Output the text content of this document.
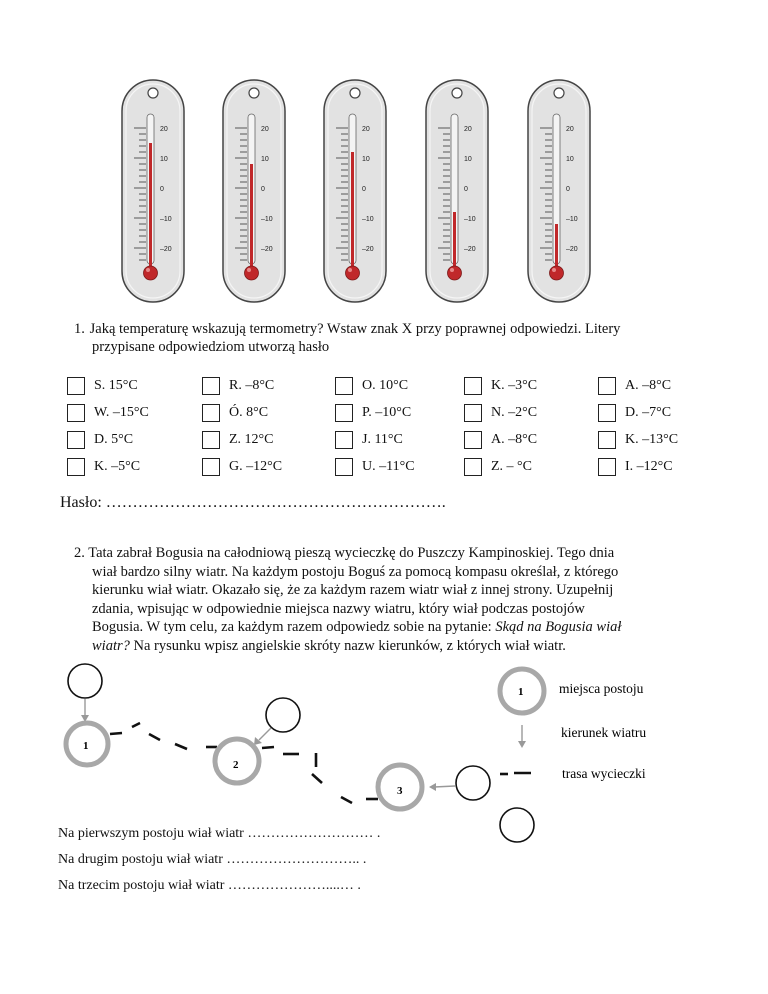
20
10
0
–10
–20
20
10
0
–10
–20
20
10
0
–10
–20
20
10
0
–10
–20
20
10
0
–10
–20
1. Jaką temperaturę wskazują termometry? Wstaw znak X przy poprawnej odpowiedzi. Litery
przypisane odpowiedziom utworzą hasło
S. 15°C	R. –8°C	O. 10°C	K. –3°C	A. –8°C
W. –15°C	Ó. 8°C	P. –10°C	N. –2°C	D. –7°C
D. 5°C	Z. 12°C	J. 11°C	A. –8°C	K. –13°C
K. –5°C	G. –12°C	U. –11°C	Z. – °C	I. –12°C
Hasło: ……………………………………………………….

2. Tata zabrał Bogusia na całodniową pieszą wycieczkę do Puszczy Kampinoskiej. Tego dnia

wiał bardzo silny wiatr. Na każdym postoju Boguś za pomocą kompasu określał, z którego

kierunku wiał wiatr. Okazało się, że za każdym razem wiatr wiał z innej strony. Uzupełnij

zdania, wpisując w odpowiednie miejsca nazwy wiatru, który wiał podczas postojów

Bogusia. W tym celu, za każdym razem odpowiedz sobie na pytanie: Skąd na Bogusia wiał

wiatr? Na rysunku wpisz angielskie skróty nazw kierunków, z których wiał wiatr.

1
2
3
1	miejsca postoju
kierunek wiatru
trasa wycieczki
Na pierwszym postoju wiał wiatr ……………………… .
Na drugim postoju wiał wiatr ……………………….. .
Na trzecim postoju wiał wiatr …………………....… .
